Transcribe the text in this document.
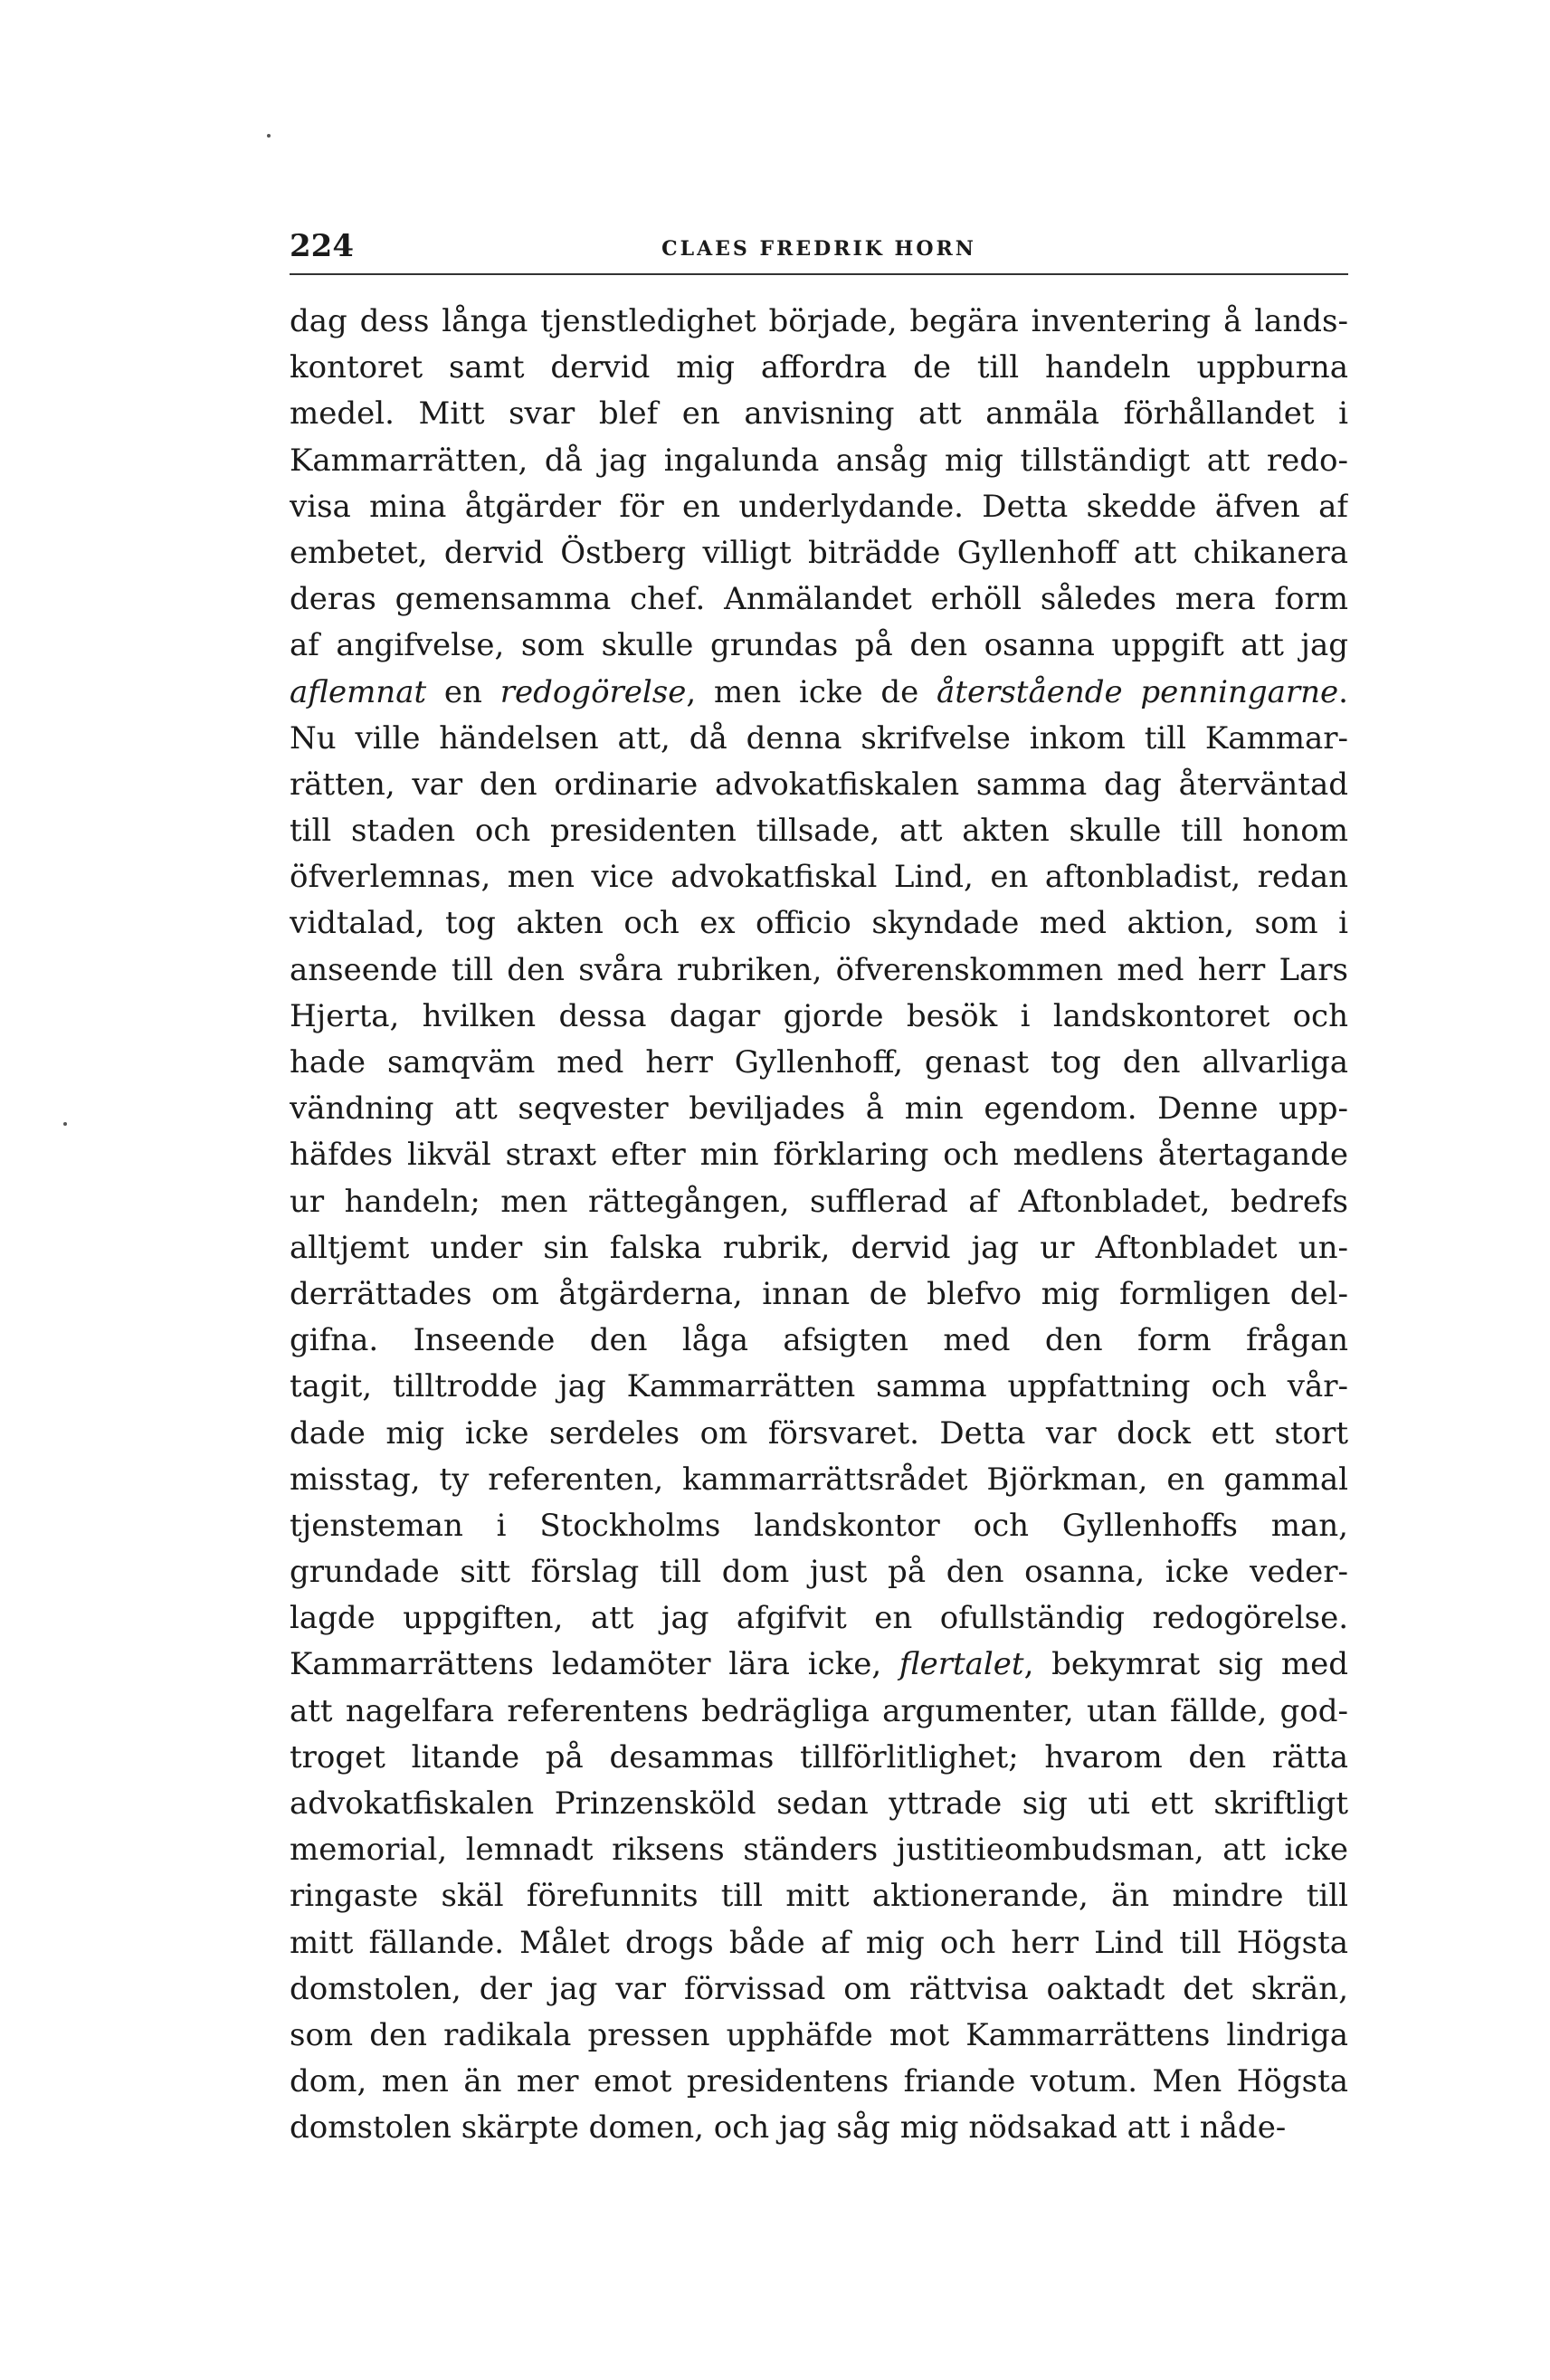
224	CLAES FREDRIK HORN
dag dess långa tjenstledighet började, begära inventering å lands-
kontoret samt dervid mig affordra de till handeln uppburna
medel. Mitt svar blef en anvisning att anmäla förhållandet i
Kammarrätten, då jag ingalunda ansåg mig tillständigt att redo-
visa mina åtgärder för en underlydande. Detta skedde äfven af
embetet, dervid Östberg villigt biträdde Gyllenhoff att chikanera
deras gemensamma chef. Anmälandet erhöll således mera form
af angifvelse, som skulle grundas på den osanna uppgift att jag
aflemnat en redogörelse, men icke de återstående penningarne.
Nu ville händelsen att, då denna skrifvelse inkom till Kammar-
rätten, var den ordinarie advokatfiskalen samma dag återväntad
till staden och presidenten tillsade, att akten skulle till honom
öfverlemnas, men vice advokatfiskal Lind, en aftonbladist, redan
vidtalad, tog akten och ex officio skyndade med aktion, som i
anseende till den svåra rubriken, öfverenskommen med herr Lars
Hjerta, hvilken dessa dagar gjorde besök i landskontoret och
hade samqväm med herr Gyllenhoff, genast tog den allvarliga
vändning att seqvester beviljades å min egendom. Denne upp-
häfdes likväl straxt efter min förklaring och medlens återtagande
ur handeln; men rättegången, sufflerad af Aftonbladet, bedrefs
alltjemt under sin falska rubrik, dervid jag ur Aftonbladet un-
derrättades om åtgärderna, innan de blefvo mig formligen del-
gifna. Inseende den låga afsigten med den form frågan
tagit, tilltrodde jag Kammarrätten samma uppfattning och vår-
dade mig icke serdeles om försvaret. Detta var dock ett stort
misstag, ty referenten, kammarrättsrådet Björkman, en gammal
tjensteman i Stockholms landskontor och Gyllenhoffs man,
grundade sitt förslag till dom just på den osanna, icke veder-
lagde uppgiften, att jag afgifvit en ofullständig redogörelse.
Kammarrättens ledamöter lära icke, flertalet, bekymrat sig med
att nagelfara referentens bedrägliga argumenter, utan fällde, god-
troget litande på desammas tillförlitlighet; hvarom den rätta
advokatfiskalen Prinzensköld sedan yttrade sig uti ett skriftligt
memorial, lemnadt riksens ständers justitieombudsman, att icke
ringaste skäl förefunnits till mitt aktionerande, än mindre till
mitt fällande. Målet drogs både af mig och herr Lind till Högsta
domstolen, der jag var förvissad om rättvisa oaktadt det skrän,
som den radikala pressen upphäfde mot Kammarrättens lindriga
dom, men än mer emot presidentens friande votum. Men Högsta
domstolen skärpte domen, och jag såg mig nödsakad att i nåde-
